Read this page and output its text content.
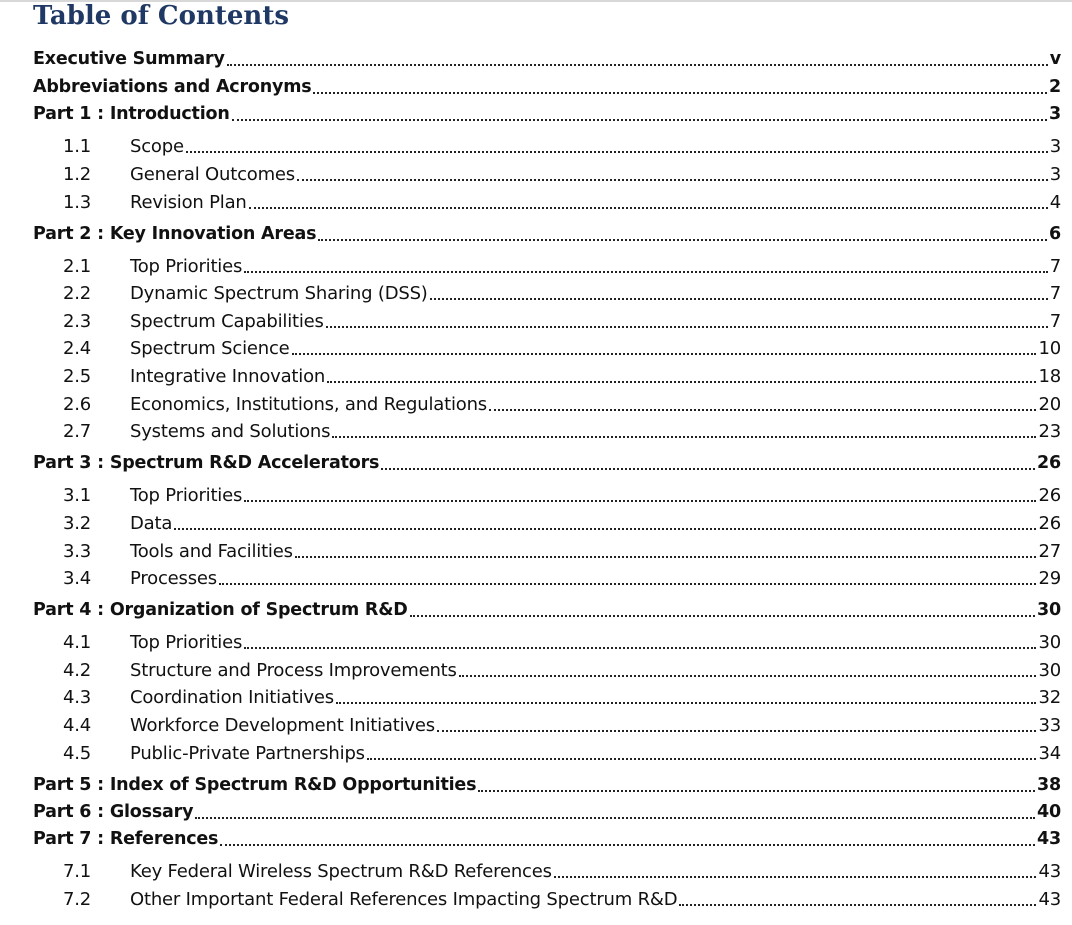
Table of Contents
Executive Summary	v
Abbreviations and Acronyms	2
Part 1 : Introduction	3
1.1	Scope	3
1.2	General Outcomes	3
1.3	Revision Plan	4
Part 2 : Key Innovation Areas	6
2.1	Top Priorities	7
2.2	Dynamic Spectrum Sharing (DSS)	7
2.3	Spectrum Capabilities	7
2.4	Spectrum Science	10
2.5	Integrative Innovation	18
2.6	Economics, Institutions, and Regulations	20
2.7	Systems and Solutions	23
Part 3 : Spectrum R&D Accelerators	26
3.1	Top Priorities	26
3.2	Data	26
3.3	Tools and Facilities	27
3.4	Processes	29
Part 4 : Organization of Spectrum R&D	30
4.1	Top Priorities	30
4.2	Structure and Process Improvements	30
4.3	Coordination Initiatives	32
4.4	Workforce Development Initiatives	33
4.5	Public-Private Partnerships	34
Part 5 : Index of Spectrum R&D Opportunities	38
Part 6 : Glossary	40
Part 7 : References	43
7.1	Key Federal Wireless Spectrum R&D References	43
7.2	Other Important Federal References Impacting Spectrum R&D	43
